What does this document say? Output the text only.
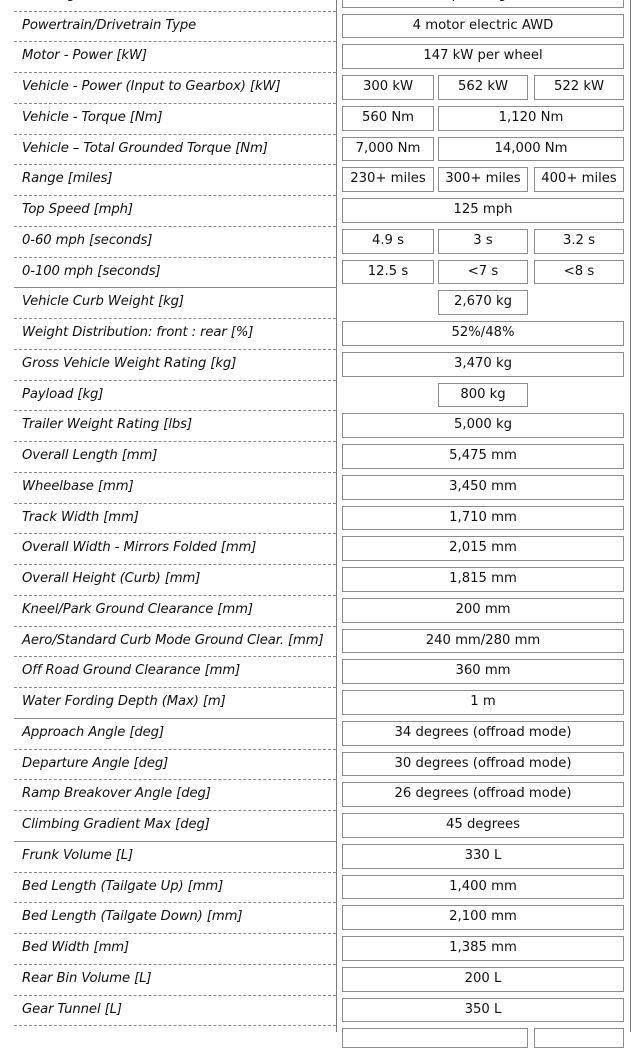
Powertrain/Drivetrain Type	4 motor electric AWD
Motor - Power [kW]	147 kW per wheel
Vehicle - Power (Input to Gearbox) [kW]	300 kW	562 kW	522 kW
Vehicle - Torque [Nm]	560 Nm	1,120 Nm
Vehicle – Total Grounded Torque [Nm]	7,000 Nm	14,000 Nm
Range [miles]	230+ miles	300+ miles	400+ miles
Top Speed [mph]	125 mph
0-60 mph [seconds]	4.9 s	3 s	3.2 s
0-100 mph [seconds]	12.5 s	<7 s	<8 s
Vehicle Curb Weight [kg]	2,670 kg
Weight Distribution: front : rear [%]	52%/48%
Gross Vehicle Weight Rating [kg]	3,470 kg
Payload [kg]	800 kg
Trailer Weight Rating [lbs]	5,000 kg
Overall Length [mm]	5,475 mm
Wheelbase [mm]	3,450 mm
Track Width [mm]	1,710 mm
Overall Width - Mirrors Folded [mm]	2,015 mm
Overall Height (Curb) [mm]	1,815 mm
Kneel/Park Ground Clearance [mm]	200 mm
Aero/Standard Curb Mode Ground Clear. [mm]	240 mm/280 mm
Off Road Ground Clearance [mm]	360 mm
Water Fording Depth (Max) [m]	1 m
Approach Angle [deg]	34 degrees (offroad mode)
Departure Angle [deg]	30 degrees (offroad mode)
Ramp Breakover Angle [deg]	26 degrees (offroad mode)
Climbing Gradient Max [deg]	45 degrees
Frunk Volume [L]	330 L
Bed Length (Tailgate Up) [mm]	1,400 mm
Bed Length (Tailgate Down) [mm]	2,100 mm
Bed Width [mm]	1,385 mm
Rear Bin Volume [L]	200 L
Gear Tunnel [L]	350 L
